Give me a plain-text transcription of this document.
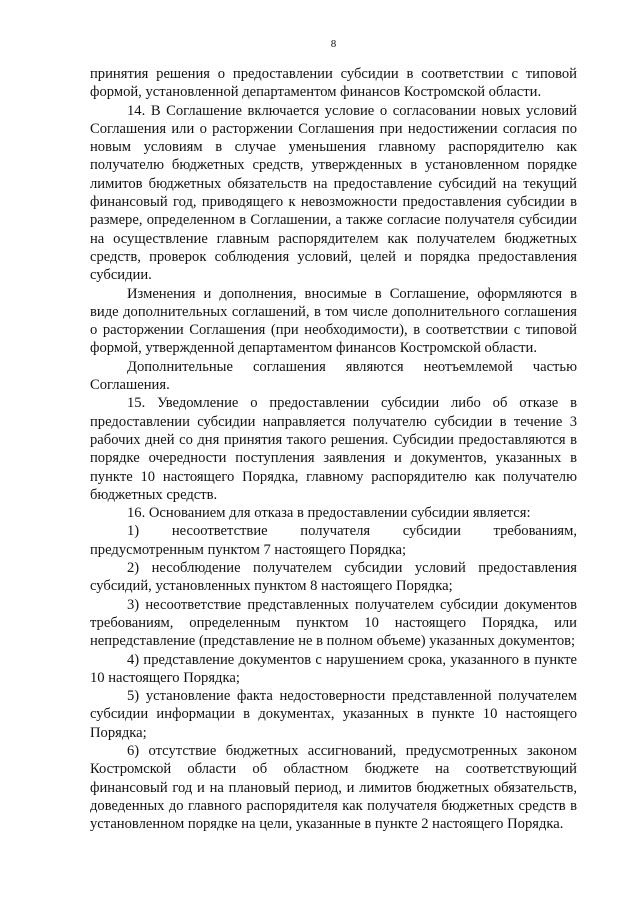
8

принятия решения о предоставлении субсидии в соответствии с типовой формой, установленной департаментом финансов Костромской области.

14. В Соглашение включается условие о согласовании новых условий Соглашения или о расторжении Соглашения при недостижении согласия по новым условиям в случае уменьшения главному распорядителю как получателю бюджетных средств, утвержденных в установленном порядке лимитов бюджетных обязательств на предоставление субсидий на текущий финансовый год, приводящего к невозможности предоставления субсидии в размере, определенном в Соглашении, а также согласие получателя субсидии на осуществление главным распорядителем как получателем бюджетных средств, проверок соблюдения условий, целей и порядка предоставления субсидии.

Изменения и дополнения, вносимые в Соглашение, оформляются в виде дополнительных соглашений, в том числе дополнительного соглашения о расторжении Соглашения (при необходимости), в соответствии с типовой формой, утвержденной департаментом финансов Костромской области.

Дополнительные соглашения являются неотъемлемой частью Соглашения.

15. Уведомление о предоставлении субсидии либо об отказе в предоставлении субсидии направляется получателю субсидии в течение 3 рабочих дней со дня принятия такого решения. Субсидии предоставляются в порядке очередности поступления заявления и документов, указанных в пункте 10 настоящего Порядка, главному распорядителю как получателю бюджетных средств.

16. Основанием для отказа в предоставлении субсидии является:

1) несоответствие получателя субсидии требованиям, предусмотренным пунктом 7 настоящего Порядка;

2) несоблюдение получателем субсидии условий предоставления субсидий, установленных пунктом 8 настоящего Порядка;

3) несоответствие представленных получателем субсидии документов требованиям, определенным пунктом 10 настоящего Порядка, или непредставление (представление не в полном объеме) указанных документов;

4) представление документов с нарушением срока, указанного в пункте 10 настоящего Порядка;

5) установление факта недостоверности представленной получателем субсидии информации в документах, указанных в пункте 10 настоящего Порядка;

6) отсутствие бюджетных ассигнований, предусмотренных законом Костромской области об областном бюджете на соответствующий финансовый год и на плановый период, и лимитов бюджетных обязательств, доведенных до главного распорядителя как получателя бюджетных средств в установленном порядке на цели, указанные в пункте 2 настоящего Порядка.
